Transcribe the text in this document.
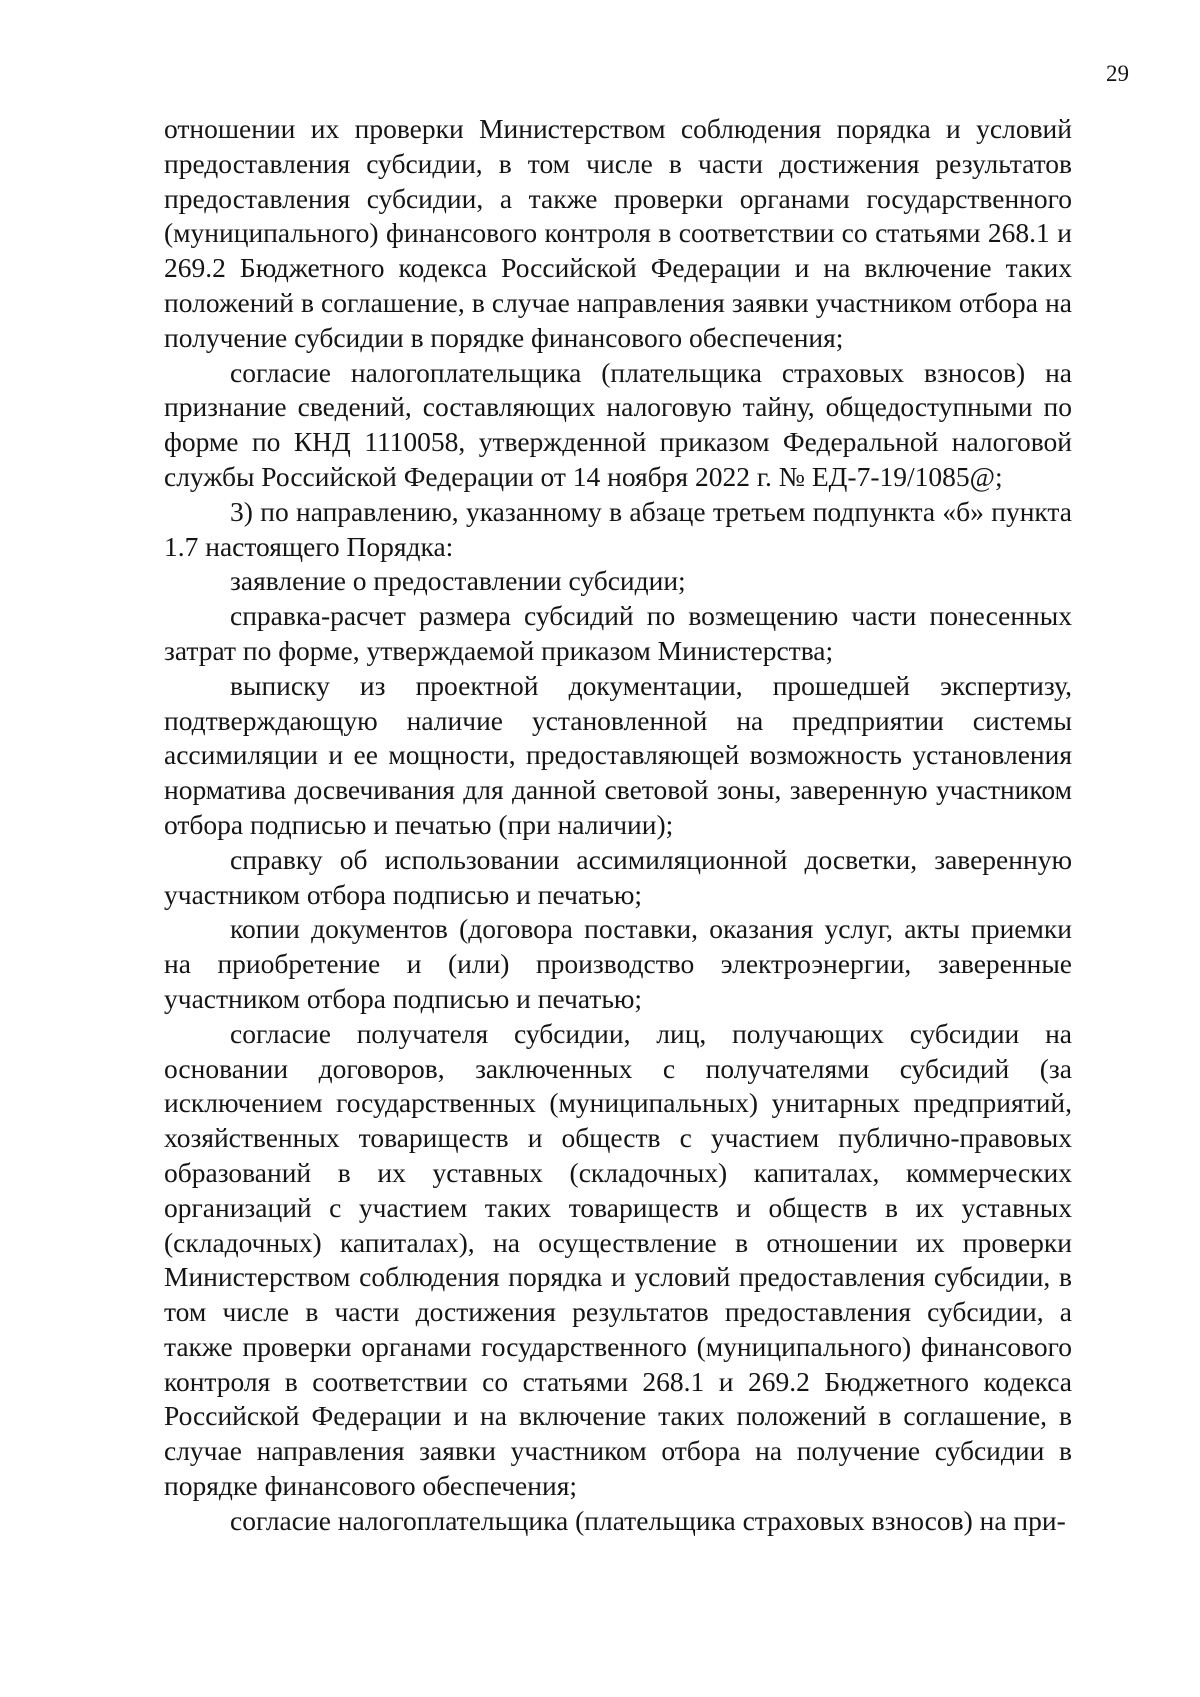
29

отношении их проверки Министерством соблюдения порядка и условий предоставления субсидии, в том числе в части достижения результатов предоставления субсидии, а также проверки органами государственного (муниципального) финансового контроля в соответствии со статьями 268.1 и 269.2 Бюджетного кодекса Российской Федерации и на включение таких положений в соглашение, в случае направления заявки участником отбора на получение субсидии в порядке финансового обеспечения;

согласие налогоплательщика (плательщика страховых взносов) на признание сведений, составляющих налоговую тайну, общедоступными по форме по КНД 1110058, утвержденной приказом Федеральной налоговой службы Российской Федерации от 14 ноября 2022 г. № ЕД-7-19/1085@;

3) по направлению, указанному в абзаце третьем подпункта «б» пункта 1.7 настоящего Порядка:

заявление о предоставлении субсидии;

справка-расчет размера субсидий по возмещению части понесенных затрат по форме, утверждаемой приказом Министерства;

выписку из проектной документации, прошедшей экспертизу, подтверждающую наличие установленной на предприятии системы ассимиляции и ее мощности, предоставляющей возможность установления норматива досвечивания для данной световой зоны, заверенную участником отбора подписью и печатью (при наличии);

справку об использовании ассимиляционной досветки, заверенную участником отбора подписью и печатью;

копии документов (договора поставки, оказания услуг, акты приемки на приобретение и (или) производство электроэнергии, заверенные участником отбора подписью и печатью;

согласие получателя субсидии, лиц, получающих субсидии на основании договоров, заключенных с получателями субсидий (за исключением государственных (муниципальных) унитарных предприятий, хозяйственных товариществ и обществ с участием публично-правовых образований в их уставных (складочных) капиталах, коммерческих организаций с участием таких товариществ и обществ в их уставных (складочных) капиталах), на осуществление в отношении их проверки Министерством соблюдения порядка и условий предоставления субсидии, в том числе в части достижения результатов предоставления субсидии, а также проверки органами государственного (муниципального) финансового контроля в соответствии со статьями 268.1 и 269.2 Бюджетного кодекса Российской Федерации и на включение таких положений в соглашение, в случае направления заявки участником отбора на получение субсидии в порядке финансового обеспечения;

согласие налогоплательщика (плательщика страховых взносов) на при-
